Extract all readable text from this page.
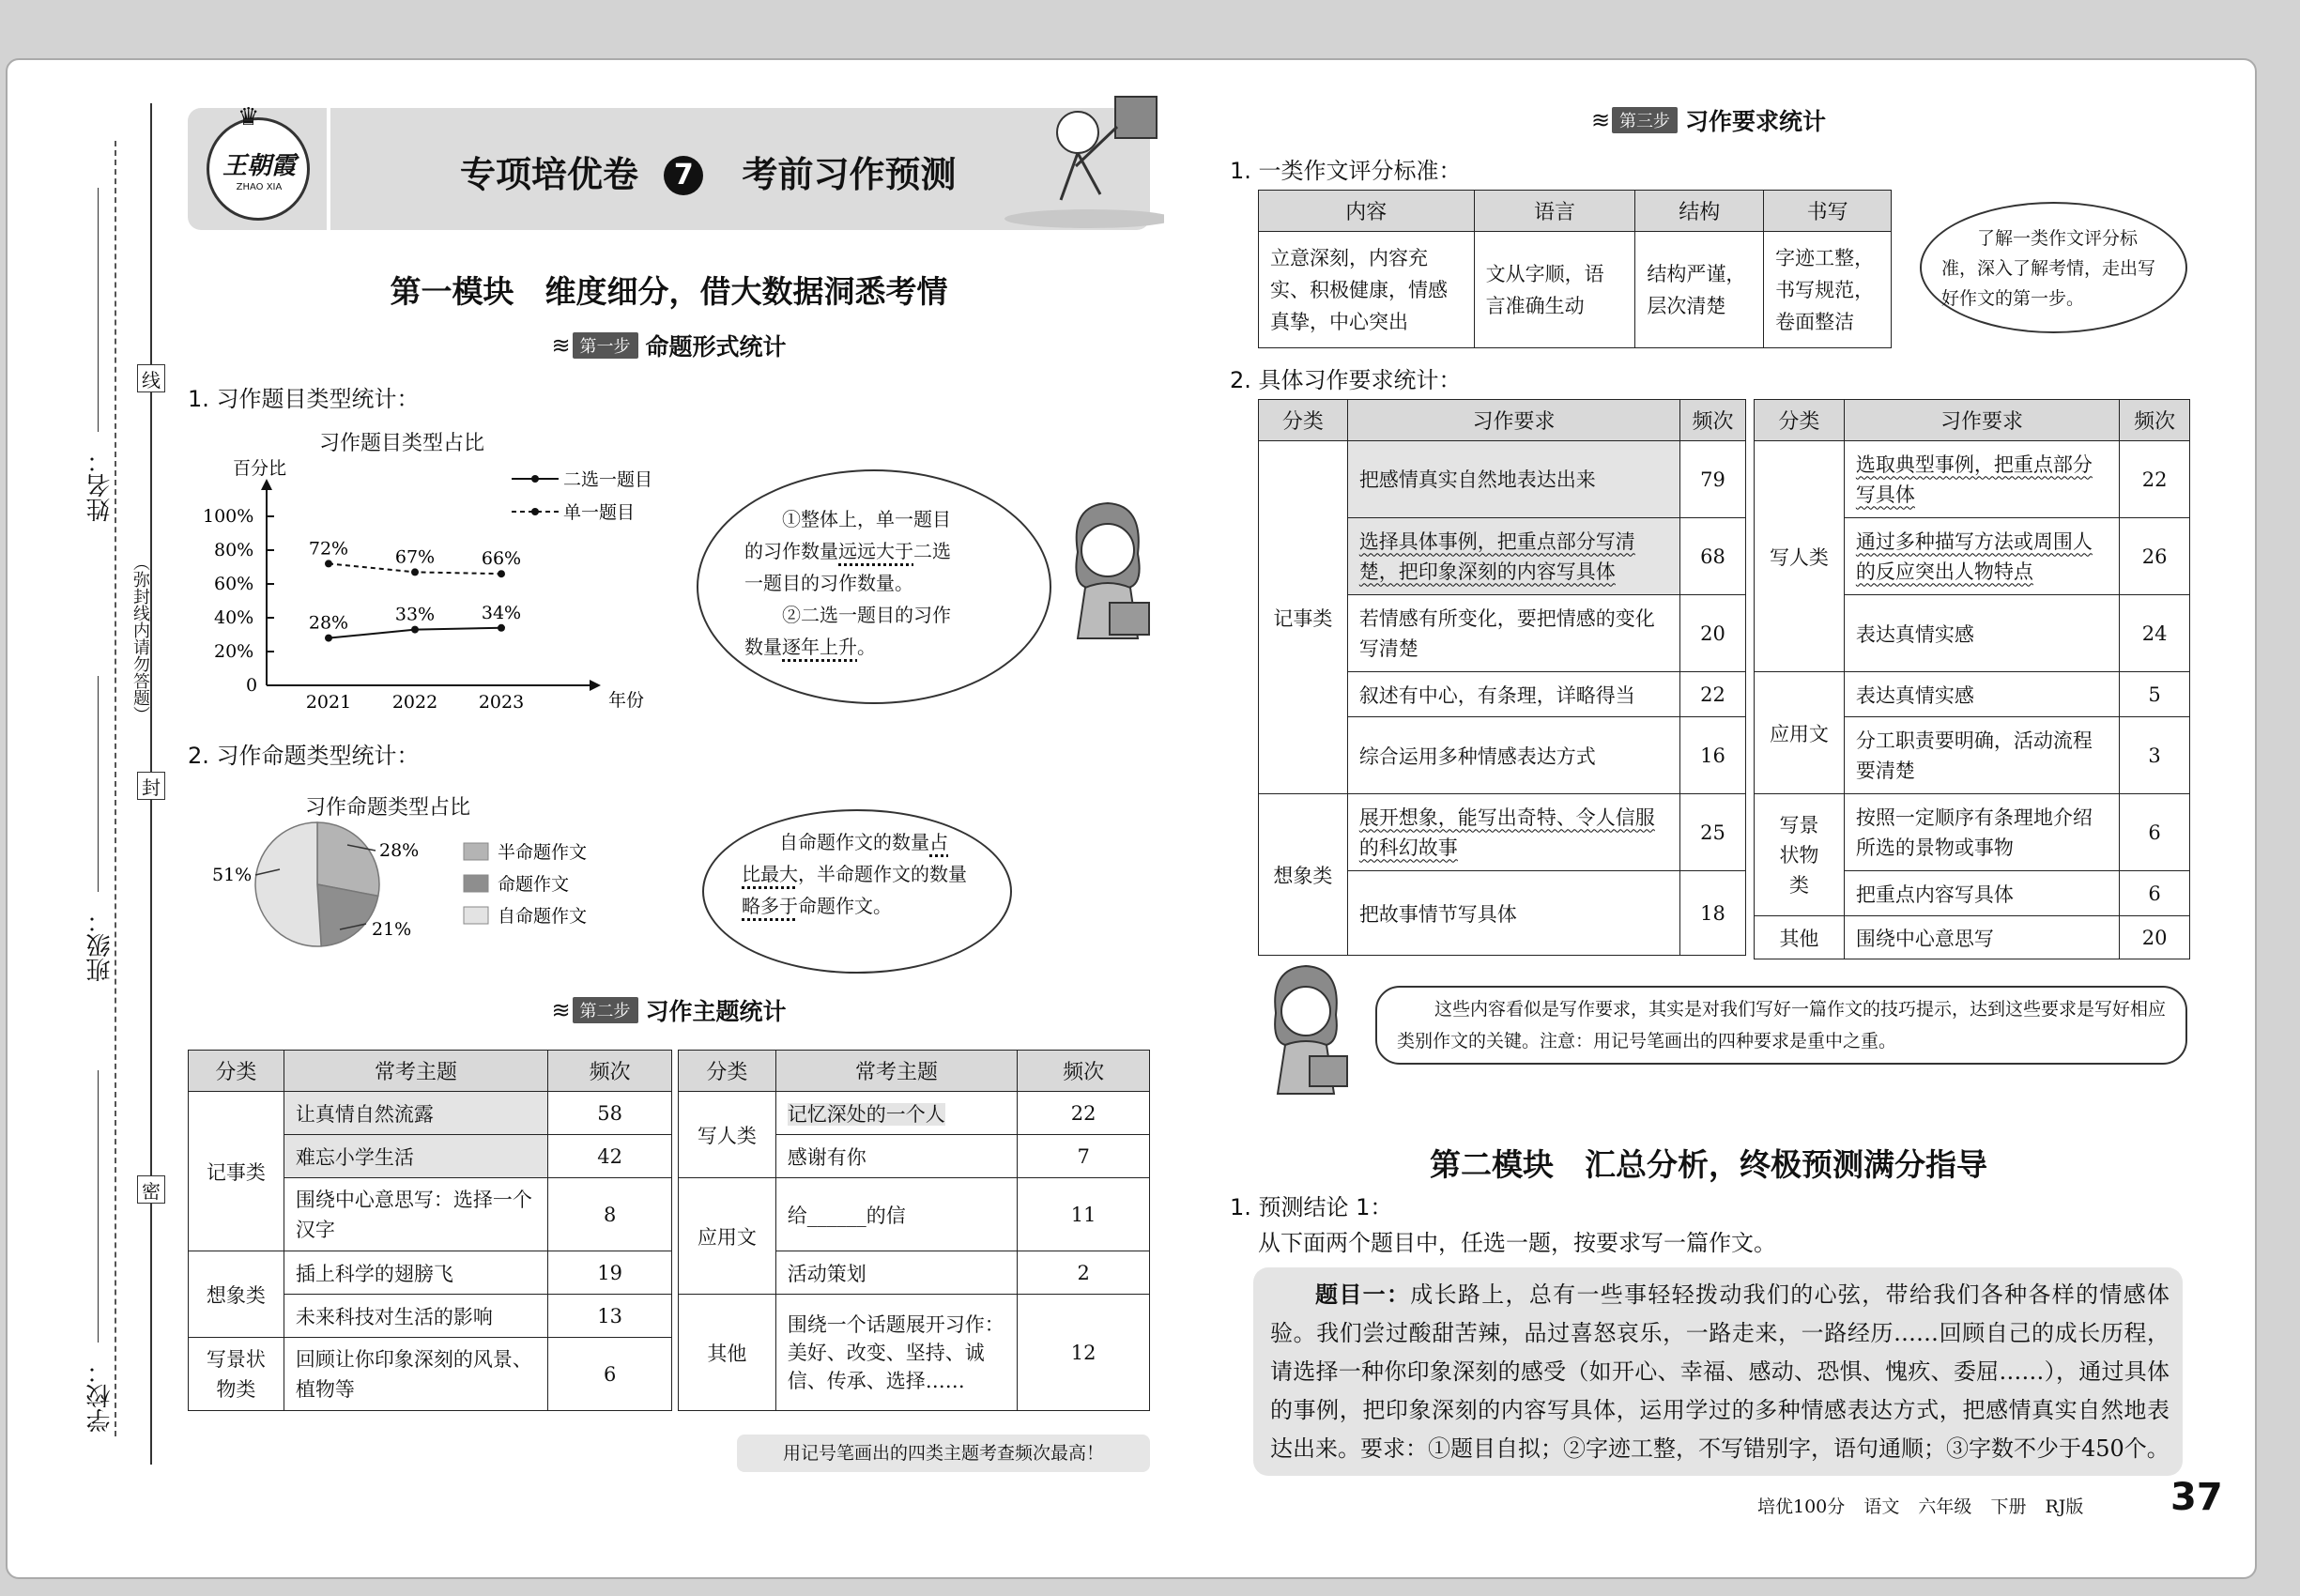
线
封
密
（弥封线内请勿答题）
姓名：
班级：
学校：
♛
王朝霞
ZHAO XIA	专项培优卷 7 考前习作预测
第一模块　维度细分，借大数据洞悉考情
≋ 第一步 命题形式统计
1. 习作题目类型统计：
习作题目类型占比
百分比
年份
0
20%
40%
60%
80%
100%
2021 2022 2023
28%	33%	34%
72%	67%	66%
二选一题目
单一题目	①整体上，单一题目
的习作数量远远大于二选
一题目的习作数量。
②二选一题目的习作
数量逐年上升。
2. 习作命题类型统计：
习作命题类型占比
51%
28%
21%
半命题作文
命题作文
自命题作文
自命题作文的数量占
比最大，半命题作文的数量
略多于命题作文。
≋ 第二步 习作主题统计
分类	常考主题	频次
记事类	让真情自然流露	58
	难忘小学生活	42
	围绕中心意思写：选择一个汉字	8
想象类	插上科学的翅膀飞	19
	未来科技对生活的影响	13
写景状物类	回顾让你印象深刻的风景、植物等	6
分类	常考主题	频次
写人类	记忆深处的一个人	22
	感谢有你	7
应用文	给______的信	11
	活动策划	2
其他	围绕一个话题展开习作：美好、改变、坚持、诚信、传承、选择……	12
用记号笔画出的四类主题考查频次最高！
≋ 第三步 习作要求统计
1. 一类作文评分标准：
内容	语言	结构	书写
立意深刻，内容充实、积极健康，情感真挚，中心突出	文从字顺，语言准确生动	结构严谨，层次清楚	字迹工整，书写规范，卷面整洁
了解一类作文评分标准，深入了解考情，走出写好作文的第一步。
2. 具体习作要求统计：
分类	习作要求	频次
记事类	把感情真实自然地表达出来	79
	选择具体事例，把重点部分写清楚，把印象深刻的内容写具体	68
	若情感有所变化，要把情感的变化写清楚	20
	叙述有中心，有条理，详略得当	22
	综合运用多种情感表达方式	16
想象类	展开想象，能写出奇特、令人信服的科幻故事	25
	把故事情节写具体	18
分类	习作要求	频次
写人类	选取典型事例，把重点部分写具体	22
	通过多种描写方法或周围人的反应突出人物特点	26
	表达真情实感	24
应用文	表达真情实感	5
	分工职责要明确，活动流程要清楚	3
写景状物类	按照一定顺序有条理地介绍所选的景物或事物	6
	把重点内容写具体	6
其他	围绕中心意思写	20
这些内容看似是写作要求，其实是对我们写好一篇作文的技巧提示，达到这些要求是写好相应类别作文的关键。注意：用记号笔画出的四种要求是重中之重。
第二模块　汇总分析，终极预测满分指导
1. 预测结论 1：
从下面两个题目中，任选一题，按要求写一篇作文。
题目一：成长路上，总有一些事轻轻拨动我们的心弦，带给我们各种各样的情感体验。我们尝过酸甜苦辣，品过喜怒哀乐，一路走来，一路经历……回顾自己的成长历程，请选择一种你印象深刻的感受（如开心、幸福、感动、恐惧、愧疚、委屈……），通过具体的事例，把印象深刻的内容写具体，运用学过的多种情感表达方式，把感情真实自然地表达出来。要求：①题目自拟；②字迹工整，不写错别字，语句通顺；③字数不少于450个。
培优100分 语文 六年级 下册 RJ版 37
